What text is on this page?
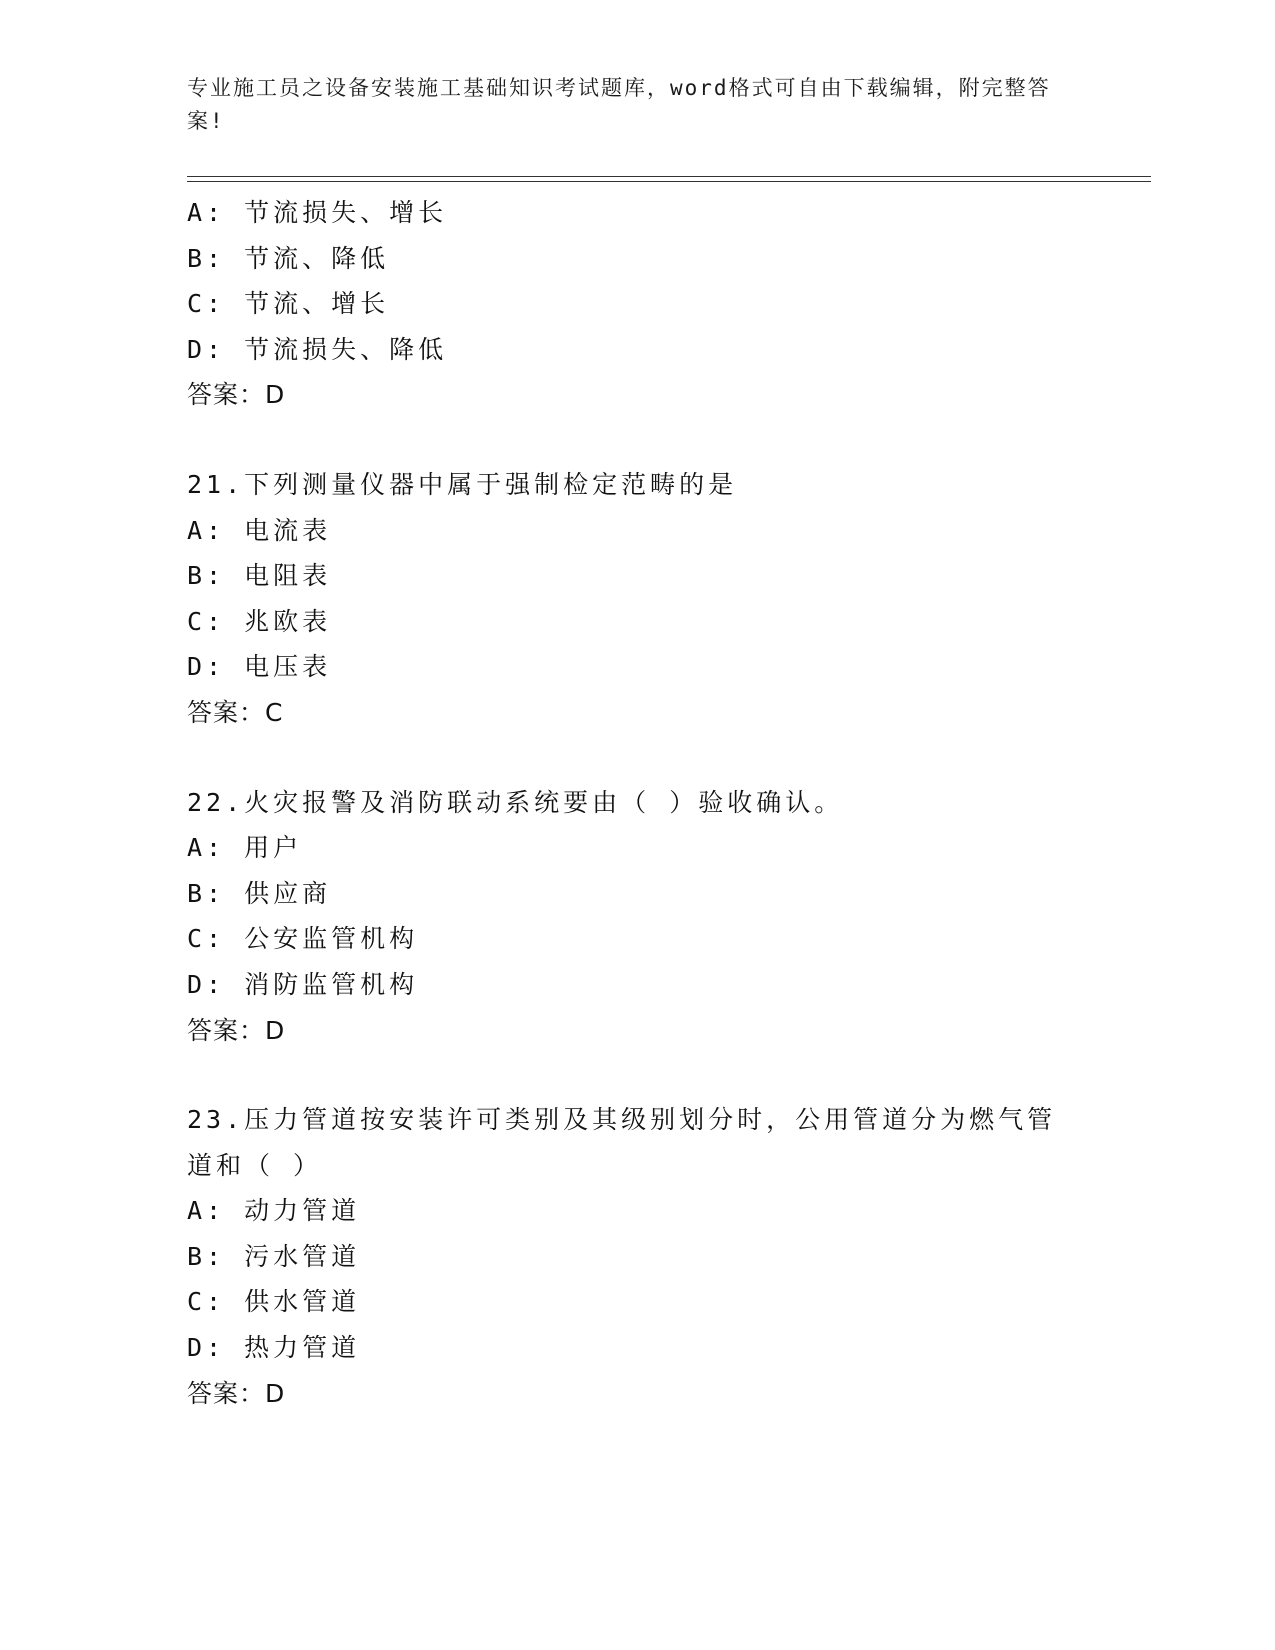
专业施工员之设备安装施工基础知识考试题库，word格式可自由下载编辑，附完整答案!
A: 节流损失、增长
B: 节流、降低
C: 节流、增长
D: 节流损失、降低
答案：D
21.下列测量仪器中属于强制检定范畴的是
A: 电流表
B: 电阻表
C: 兆欧表
D: 电压表
答案：C
22.火灾报警及消防联动系统要由（ ）验收确认。
A: 用户
B: 供应商
C: 公安监管机构
D: 消防监管机构
答案：D
23.压力管道按安装许可类别及其级别划分时，公用管道分为燃气管道和（ ）
A: 动力管道
B: 污水管道
C: 供水管道
D: 热力管道
答案：D
